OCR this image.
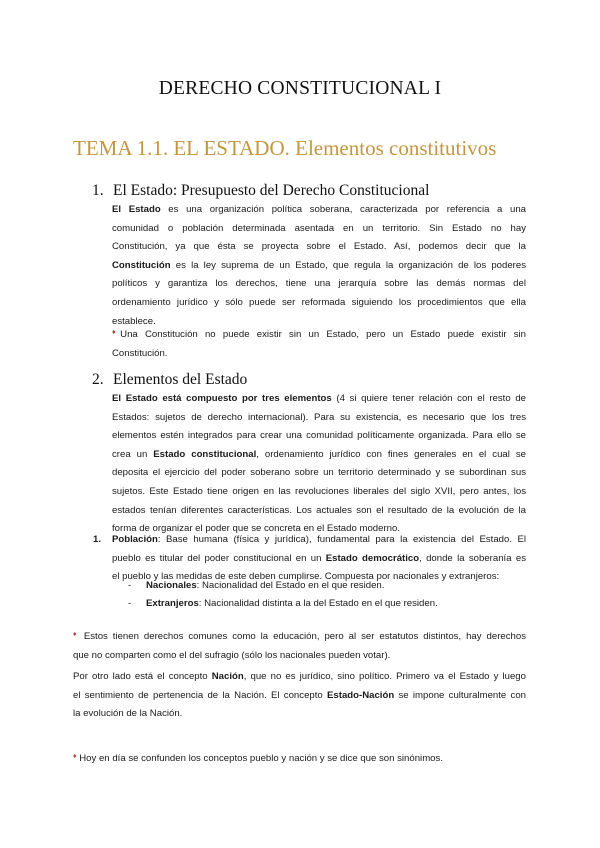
DERECHO CONSTITUCIONAL I
TEMA 1.1. EL ESTADO. Elementos constitutivos
1. El Estado: Presupuesto del Derecho Constitucional
El Estado es una organización política soberana, caracterizada por referencia a una
comunidad o población determinada asentada en un territorio. Sin Estado no hay
Constitución, ya que ésta se proyecta sobre el Estado. Así, podemos decir que la
Constitución es la ley suprema de un Estado, que regula la organización de los poderes
políticos y garantiza los derechos, tiene una jerarquía sobre las demás normas del
ordenamiento jurídico y sólo puede ser reformada siguiendo los procedimientos que ella
establece.
♦Una Constitución no puede existir sin un Estado, pero un Estado puede existir sin
Constitución.
2. Elementos del Estado
El Estado está compuesto por tres elementos (4 si quiere tener relación con el resto de
Estados: sujetos de derecho internacional). Para su existencia, es necesario que los tres
elementos estén integrados para crear una comunidad políticamente organizada. Para ello se
crea un Estado constitucional, ordenamiento jurídico con fines generales en el cual se
deposita el ejercicio del poder soberano sobre un territorio determinado y se subordinan sus
sujetos. Este Estado tiene origen en las revoluciones liberales del siglo XVII, pero antes, los
estados tenían diferentes características. Los actuales son el resultado de la evolución de la
forma de organizar el poder que se concreta en el Estado moderno.
1. Población: Base humana (física y jurídica), fundamental para la existencia del Estado. El
pueblo es titular del poder constitucional en un Estado democrático, donde la soberanía es
el pueblo y las medidas de este deben cumplirse. Compuesta por nacionales y extranjeros:
- Nacionales: Nacionalidad del Estado en el que residen.
- Extranjeros: Nacionalidad distinta a la del Estado en el que residen.
♦ Estos tienen derechos comunes como la educación, pero al ser estatutos distintos, hay derechos
que no comparten como el del sufragio (sólo los nacionales pueden votar).
Por otro lado está el concepto Nación, que no es jurídico, sino político. Primero va el Estado y luego
el sentimiento de pertenencia de la Nación. El concepto Estado-Nación se impone culturalmente con
la evolución de la Nación.
♦ Hoy en día se confunden los conceptos pueblo y nación y se dice que son sinónimos.
